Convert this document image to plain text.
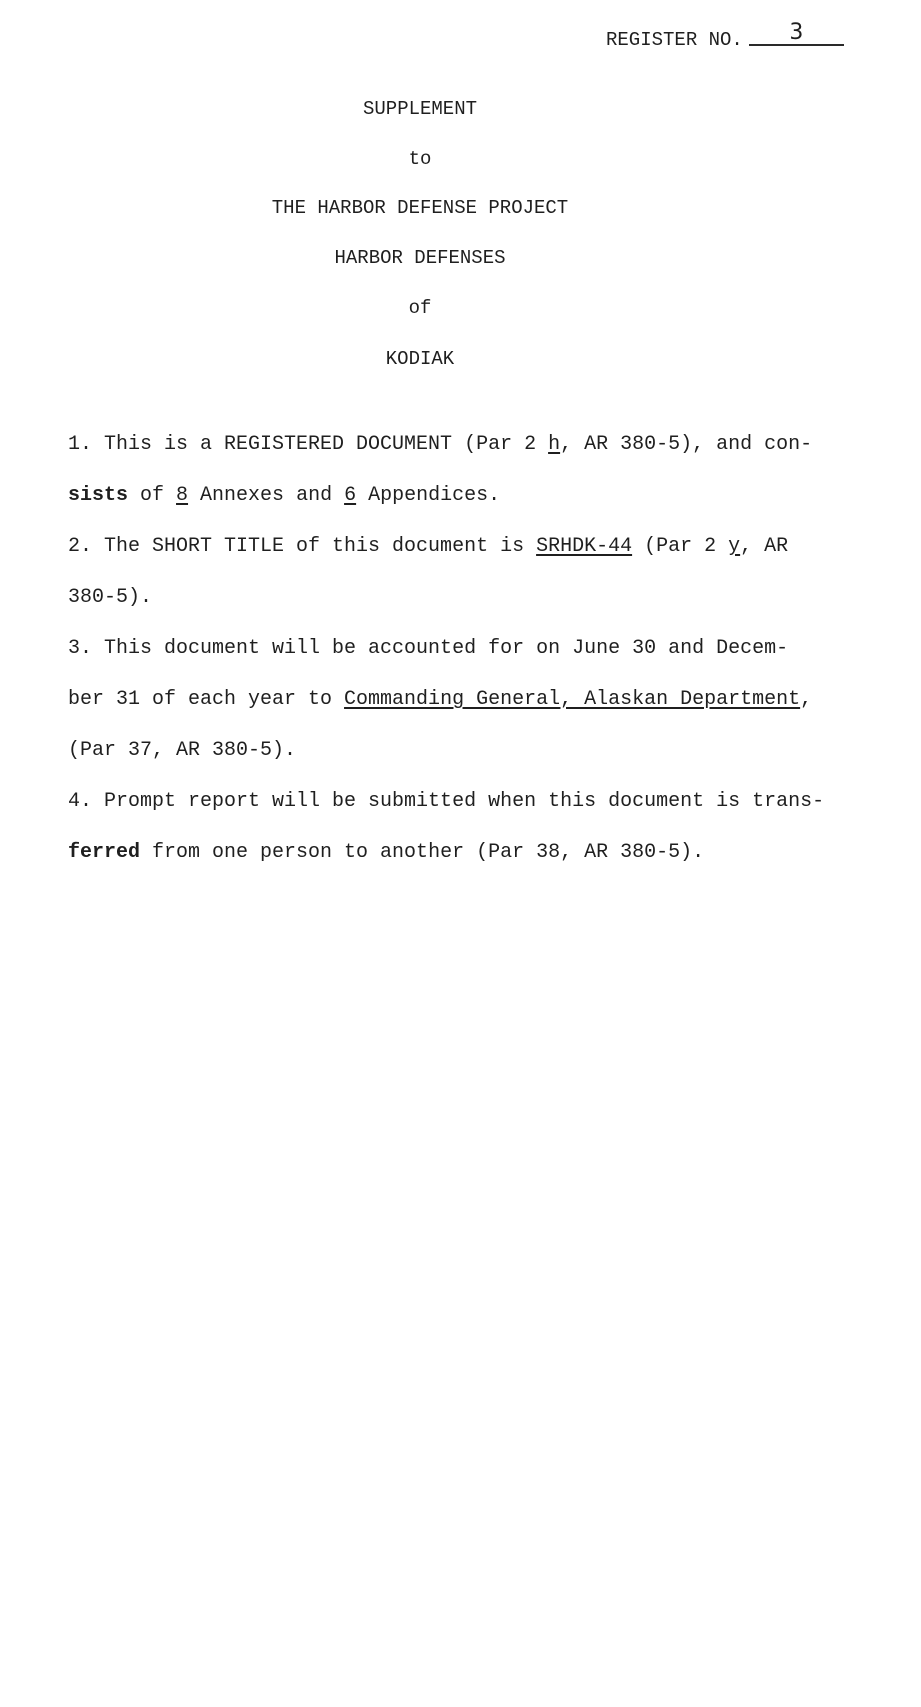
REGISTER NO. 3
SUPPLEMENT
to
THE HARBOR DEFENSE PROJECT
HARBOR DEFENSES
of
KODIAK
1. This is a REGISTERED DOCUMENT (Par 2 h, AR 380-5), and con-
sists of 8 Annexes and 6 Appendices.
2. The SHORT TITLE of this document is SRHDK-44 (Par 2 y, AR
380-5).
3. This document will be accounted for on June 30 and Decem-
ber 31 of each year to Commanding General, Alaskan Department,
(Par 37, AR 380-5).
4. Prompt report will be submitted when this document is trans-
ferred from one person to another (Par 38, AR 380-5).
